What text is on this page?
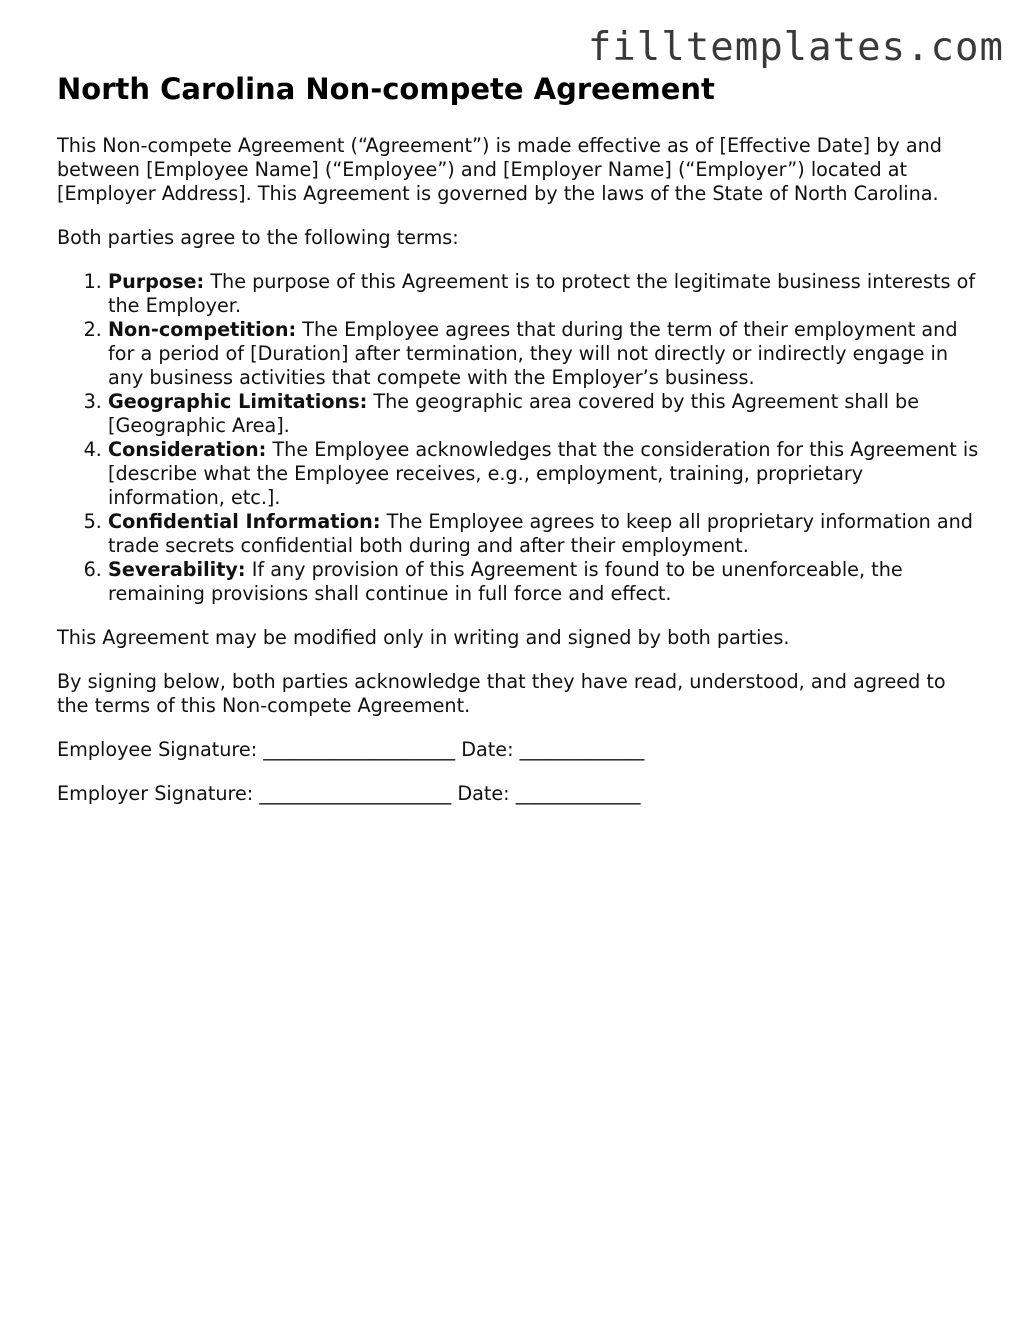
filltemplates.com
North Carolina Non-compete Agreement

This Non-compete Agreement (“Agreement”) is made effective as of [Effective Date] by and between [Employee Name] (“Employee”) and [Employer Name] (“Employer”) located at [Employer Address]. This Agreement is governed by the laws of the State of North Carolina.

Both parties agree to the following terms:

1. Purpose: The purpose of this Agreement is to protect the legitimate business interests of the Employer.
2. Non-competition: The Employee agrees that during the term of their employment and for a period of [Duration] after termination, they will not directly or indirectly engage in any business activities that compete with the Employer’s business.
3. Geographic Limitations: The geographic area covered by this Agreement shall be [Geographic Area].
4. Consideration: The Employee acknowledges that the consideration for this Agreement is [describe what the Employee receives, e.g., employment, training, proprietary information, etc.].
5. Confidential Information: The Employee agrees to keep all proprietary information and trade secrets confidential both during and after their employment.
6. Severability: If any provision of this Agreement is found to be unenforceable, the remaining provisions shall continue in full force and effect.

This Agreement may be modified only in writing and signed by both parties.

By signing below, both parties acknowledge that they have read, understood, and agreed to the terms of this Non-compete Agreement.

Employee Signature: ____________________ Date: _____________

Employer Signature: ____________________ Date: _____________
